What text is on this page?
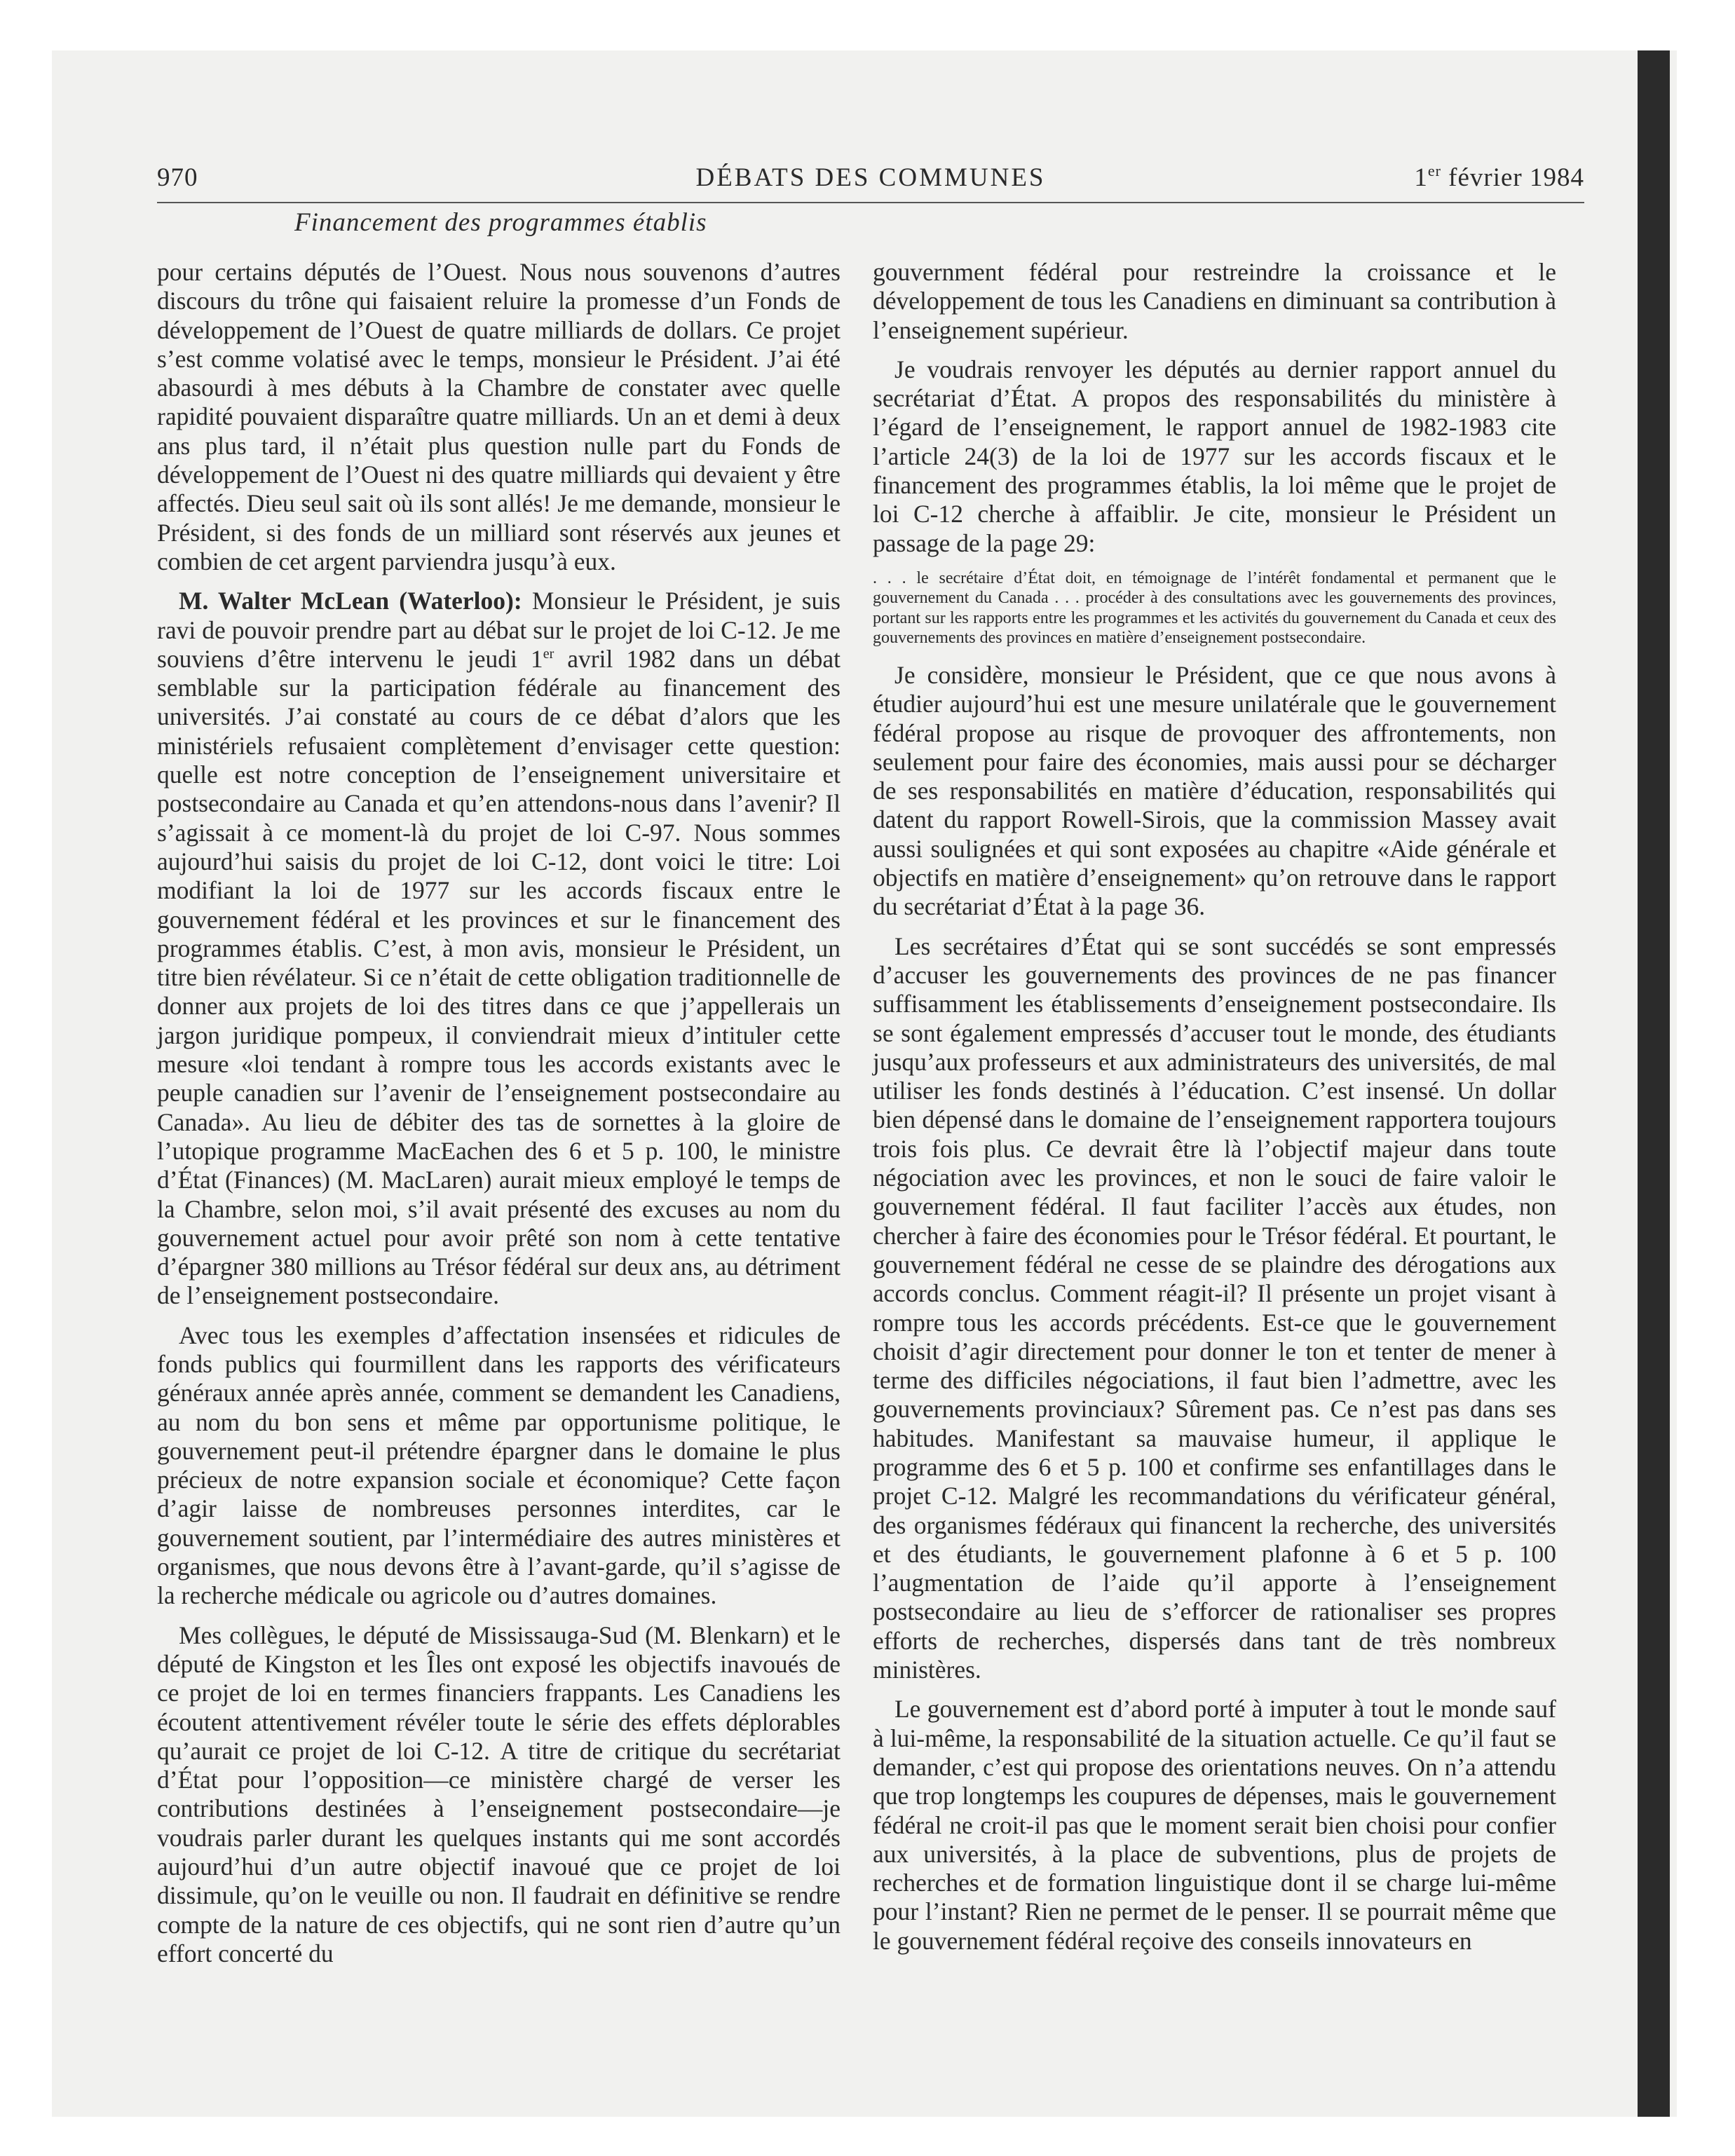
970	DÉBATS DES COMMUNES	1er février 1984
Financement des programmes établis

pour certains députés de l’Ouest. Nous nous souvenons d’autres discours du trône qui faisaient reluire la promesse d’un Fonds de développement de l’Ouest de quatre milliards de dollars. Ce projet s’est comme volatisé avec le temps, monsieur le Président. J’ai été abasourdi à mes débuts à la Chambre de constater avec quelle rapidité pouvaient disparaître quatre milliards. Un an et demi à deux ans plus tard, il n’était plus question nulle part du Fonds de développement de l’Ouest ni des quatre milliards qui devaient y être affectés. Dieu seul sait où ils sont allés! Je me demande, monsieur le Président, si des fonds de un milliard sont réservés aux jeunes et combien de cet argent parviendra jusqu’à eux.

M. Walter McLean (Waterloo): Monsieur le Président, je suis ravi de pouvoir prendre part au débat sur le projet de loi C-12. Je me souviens d’être intervenu le jeudi 1er avril 1982 dans un débat semblable sur la participation fédérale au financement des universités. J’ai constaté au cours de ce débat d’alors que les ministériels refusaient complètement d’envisager cette question: quelle est notre conception de l’enseignement universitaire et postsecondaire au Canada et qu’en attendons-nous dans l’avenir? Il s’agissait à ce moment-là du projet de loi C-97. Nous sommes aujourd’hui saisis du projet de loi C-12, dont voici le titre: Loi modifiant la loi de 1977 sur les accords fiscaux entre le gouvernement fédéral et les provinces et sur le financement des programmes établis. C’est, à mon avis, monsieur le Président, un titre bien révélateur. Si ce n’était de cette obligation traditionnelle de donner aux projets de loi des titres dans ce que j’appellerais un jargon juridique pompeux, il conviendrait mieux d’intituler cette mesure «loi tendant à rompre tous les accords existants avec le peuple canadien sur l’avenir de l’enseignement postsecondaire au Canada». Au lieu de débiter des tas de sornettes à la gloire de l’utopique programme MacEachen des 6 et 5 p. 100, le ministre d’État (Finances) (M. MacLaren) aurait mieux employé le temps de la Chambre, selon moi, s’il avait présenté des excuses au nom du gouvernement actuel pour avoir prêté son nom à cette tentative d’épargner 380 millions au Trésor fédéral sur deux ans, au détriment de l’enseignement postsecondaire.

Avec tous les exemples d’affectation insensées et ridicules de fonds publics qui fourmillent dans les rapports des vérificateurs généraux année après année, comment se demandent les Canadiens, au nom du bon sens et même par opportunisme politique, le gouvernement peut-il prétendre épargner dans le domaine le plus précieux de notre expansion sociale et économique? Cette façon d’agir laisse de nombreuses personnes interdites, car le gouvernement soutient, par l’intermédiaire des autres ministères et organismes, que nous devons être à l’avant-garde, qu’il s’agisse de la recherche médicale ou agricole ou d’autres domaines.

Mes collègues, le député de Mississauga-Sud (M. Blenkarn) et le député de Kingston et les Îles ont exposé les objectifs inavoués de ce projet de loi en termes financiers frappants. Les Canadiens les écoutent attentivement révéler toute le série des effets déplorables qu’aurait ce projet de loi C-12. A titre de critique du secrétariat d’État pour l’opposition—ce ministère chargé de verser les contributions destinées à l’enseignement postsecondaire—je voudrais parler durant les quelques instants qui me sont accordés aujourd’hui d’un autre objectif inavoué que ce projet de loi dissimule, qu’on le veuille ou non. Il faudrait en définitive se rendre compte de la nature de ces objectifs, qui ne sont rien d’autre qu’un effort concerté du

gouvernment fédéral pour restreindre la croissance et le développement de tous les Canadiens en diminuant sa contribution à l’enseignement supérieur.

Je voudrais renvoyer les députés au dernier rapport annuel du secrétariat d’État. A propos des responsabilités du ministère à l’égard de l’enseignement, le rapport annuel de 1982-1983 cite l’article 24(3) de la loi de 1977 sur les accords fiscaux et le financement des programmes établis, la loi même que le projet de loi C-12 cherche à affaiblir. Je cite, monsieur le Président un passage de la page 29:

. . . le secrétaire d’État doit, en témoignage de l’intérêt fondamental et permanent que le gouvernement du Canada . . . procéder à des consultations avec les gouvernements des provinces, portant sur les rapports entre les programmes et les activités du gouvernement du Canada et ceux des gouvernements des provinces en matière d’enseignement postsecondaire.

Je considère, monsieur le Président, que ce que nous avons à étudier aujourd’hui est une mesure unilatérale que le gouvernement fédéral propose au risque de provoquer des affrontements, non seulement pour faire des économies, mais aussi pour se décharger de ses responsabilités en matière d’éducation, responsabilités qui datent du rapport Rowell-Sirois, que la commission Massey avait aussi soulignées et qui sont exposées au chapitre «Aide générale et objectifs en matière d’enseignement» qu’on retrouve dans le rapport du secrétariat d’État à la page 36.

Les secrétaires d’État qui se sont succédés se sont empressés d’accuser les gouvernements des provinces de ne pas financer suffisamment les établissements d’enseignement postsecondaire. Ils se sont également empressés d’accuser tout le monde, des étudiants jusqu’aux professeurs et aux administrateurs des universités, de mal utiliser les fonds destinés à l’éducation. C’est insensé. Un dollar bien dépensé dans le domaine de l’enseignement rapportera toujours trois fois plus. Ce devrait être là l’objectif majeur dans toute négociation avec les provinces, et non le souci de faire valoir le gouvernement fédéral. Il faut faciliter l’accès aux études, non chercher à faire des économies pour le Trésor fédéral. Et pourtant, le gouvernement fédéral ne cesse de se plaindre des dérogations aux accords conclus. Comment réagit-il? Il présente un projet visant à rompre tous les accords précédents. Est-ce que le gouvernement choisit d’agir directement pour donner le ton et tenter de mener à terme des difficiles négociations, il faut bien l’admettre, avec les gouvernements provinciaux? Sûrement pas. Ce n’est pas dans ses habitudes. Manifestant sa mauvaise humeur, il applique le programme des 6 et 5 p. 100 et confirme ses enfantillages dans le projet C-12. Malgré les recommandations du vérificateur général, des organismes fédéraux qui financent la recherche, des universités et des étudiants, le gouvernement plafonne à 6 et 5 p. 100 l’augmentation de l’aide qu’il apporte à l’enseignement postsecondaire au lieu de s’efforcer de rationaliser ses propres efforts de recherches, dispersés dans tant de très nombreux ministères.

Le gouvernement est d’abord porté à imputer à tout le monde sauf à lui-même, la responsabilité de la situation actuelle. Ce qu’il faut se demander, c’est qui propose des orientations neuves. On n’a attendu que trop longtemps les coupures de dépenses, mais le gouvernement fédéral ne croit-il pas que le moment serait bien choisi pour confier aux universités, à la place de subventions, plus de projets de recherches et de formation linguistique dont il se charge lui-même pour l’instant? Rien ne permet de le penser. Il se pourrait même que le gouvernement fédéral reçoive des conseils innovateurs en
